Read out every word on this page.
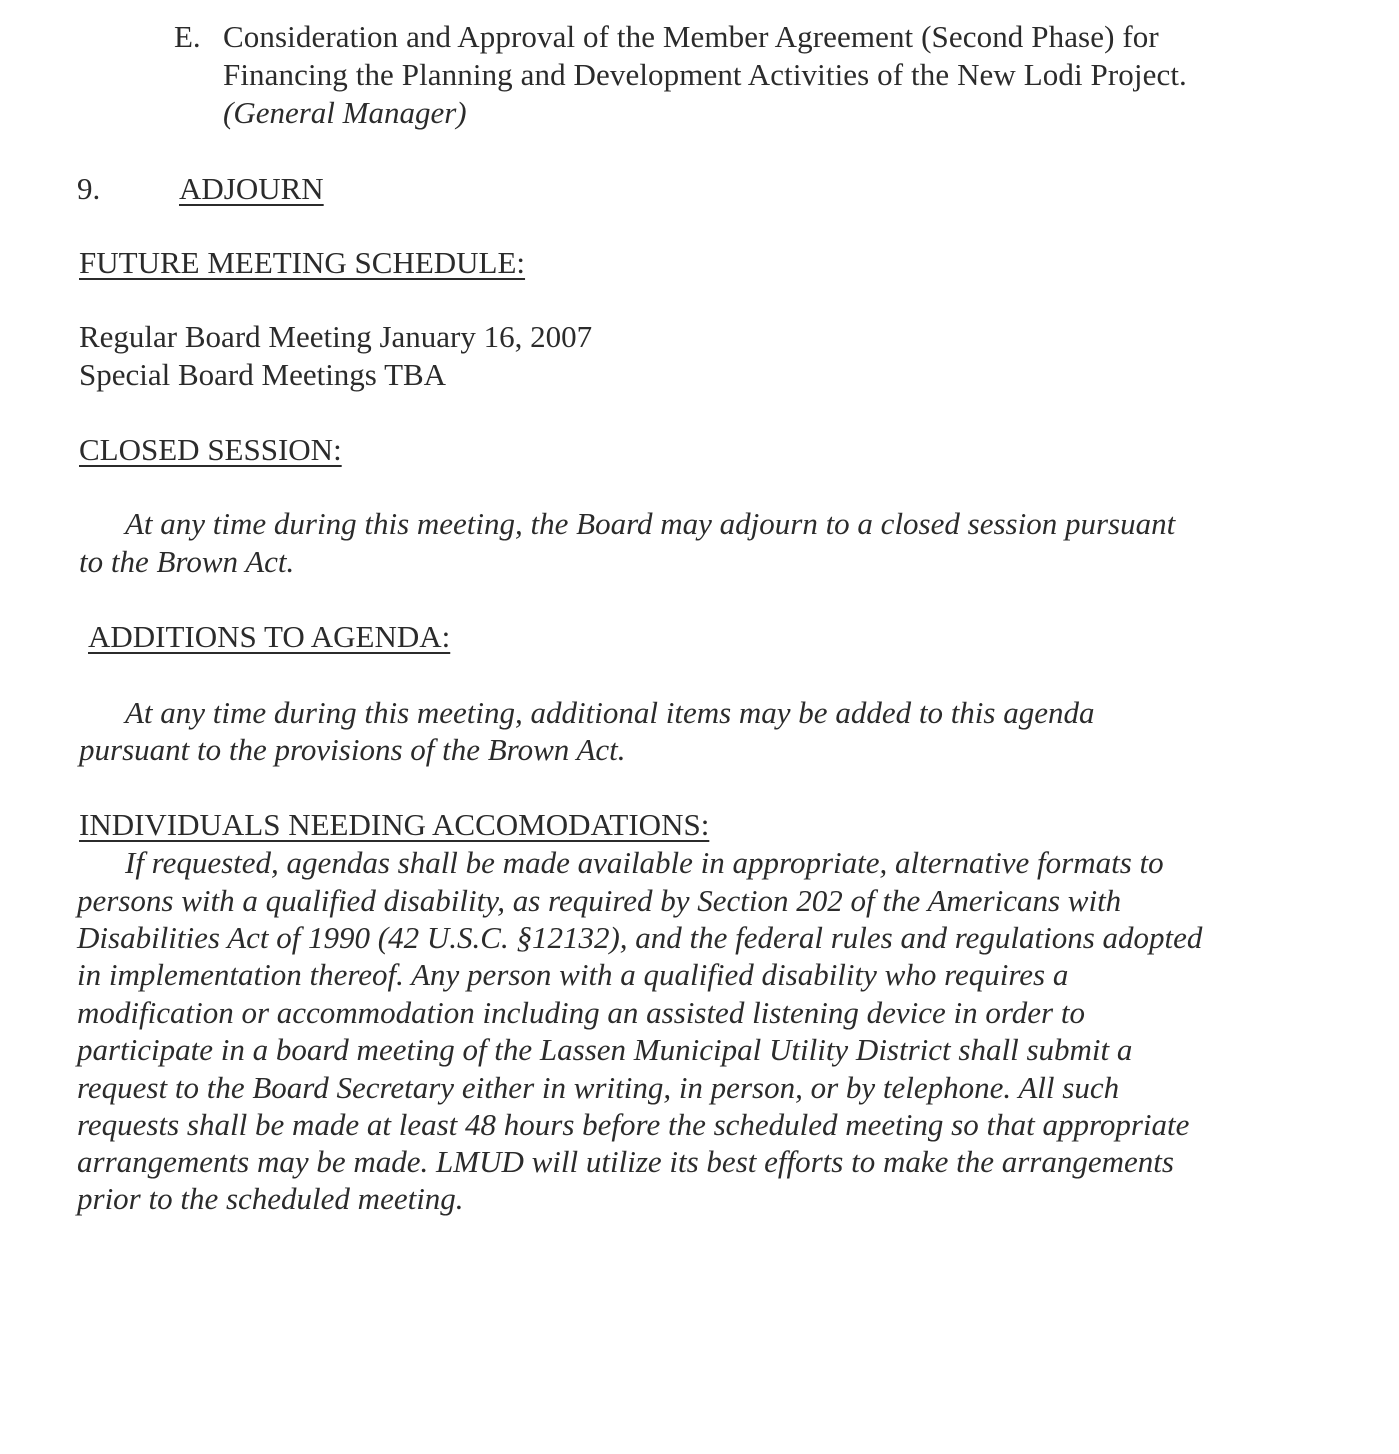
E. Consideration and Approval of the Member Agreement (Second Phase) for
Financing the Planning and Development Activities of the New Lodi Project.
(General Manager)
9.	ADJOURN
FUTURE MEETING SCHEDULE:
Regular Board Meeting January 16, 2007
Special Board Meetings TBA
CLOSED SESSION:
At any time during this meeting, the Board may adjourn to a closed session pursuant
to the Brown Act.
ADDITIONS TO AGENDA:
At any time during this meeting, additional items may be added to this agenda
pursuant to the provisions of the Brown Act.
INDIVIDUALS NEEDING ACCOMODATIONS:
If requested, agendas shall be made available in appropriate, alternative formats to
persons with a qualified disability, as required by Section 202 of the Americans with
Disabilities Act of 1990 (42 U.S.C. §12132), and the federal rules and regulations adopted
in implementation thereof. Any person with a qualified disability who requires a
modification or accommodation including an assisted listening device in order to
participate in a board meeting of the Lassen Municipal Utility District shall submit a
request to the Board Secretary either in writing, in person, or by telephone. All such
requests shall be made at least 48 hours before the scheduled meeting so that appropriate
arrangements may be made. LMUD will utilize its best efforts to make the arrangements
prior to the scheduled meeting.
